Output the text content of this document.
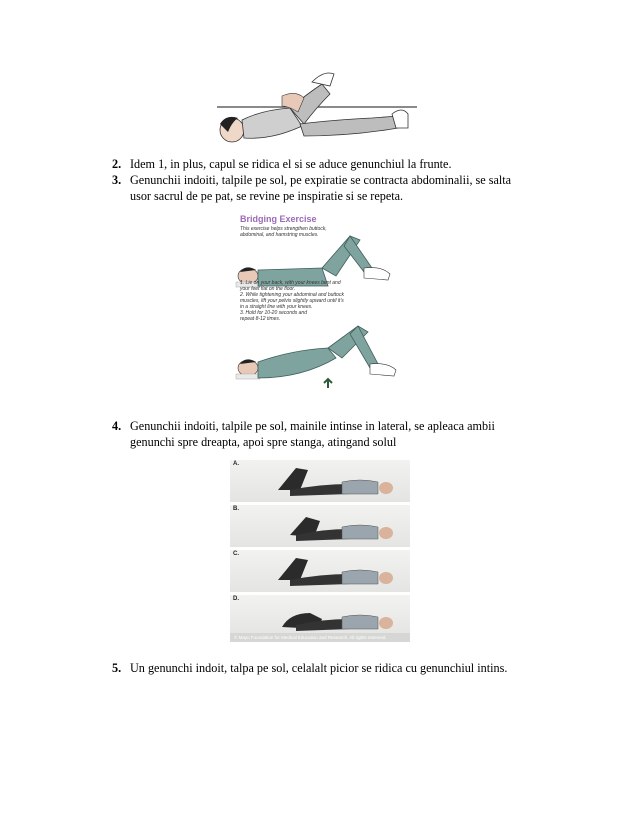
2. Idem 1, in plus, capul se ridica el si se aduce genunchiul la frunte.
3. Genunchii indoiti, talpile pe sol, pe expiratie se contracta abdominalii, se salta
usor sacrul de pe pat, se revine pe inspiratie si se repeta.
Bridging Exercise
This exercise helps strengthen buttock,
abdominal, and hamstring muscles.
1. Lie on your back, with your knees bent and
your feet flat on the floor.
2. While tightening your abdominal and buttock
muscles, lift your pelvis slightly upward until it's
in a straight line with your knees.
3. Hold for 10-20 seconds and
repeat 8-12 times.
4. Genunchii indoiti, talpile pe sol, mainile intinse in lateral, se apleaca ambii
genunchi spre dreapta, apoi spre stanga, atingand solul
A.
B.
C.
D.
© Mayo Foundation for Medical Education and Research. All rights reserved.
5. Un genunchi indoit, talpa pe sol, celalalt picior se ridica cu genunchiul intins.
